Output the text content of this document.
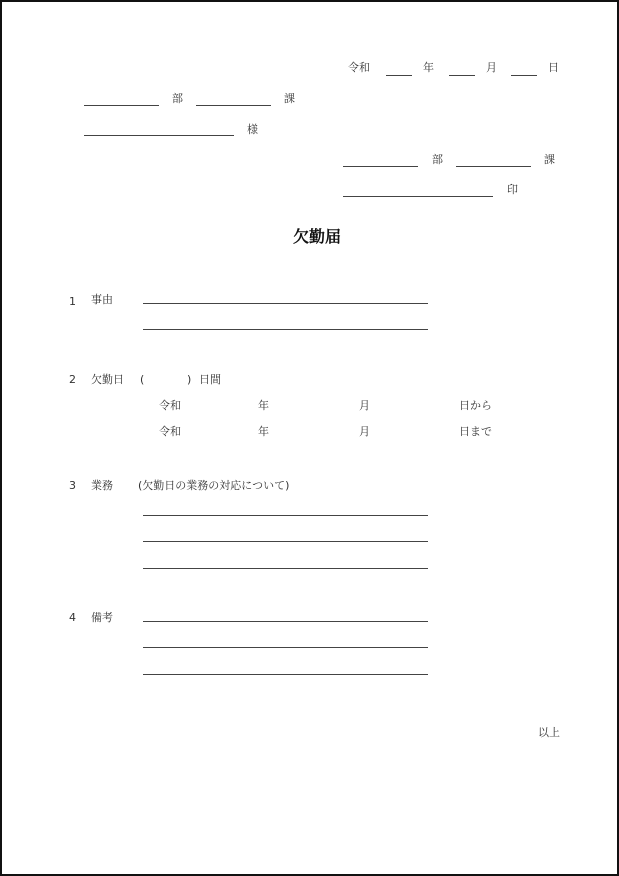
令和	年	月	日
部	課
様
部	課
印
欠勤届
1 事由
2 欠勤日 (	) 日間
令和	年	月	日から
令和	年	月	日まで
3 業務 (欠勤日の業務の対応について)
4 備考
以上
